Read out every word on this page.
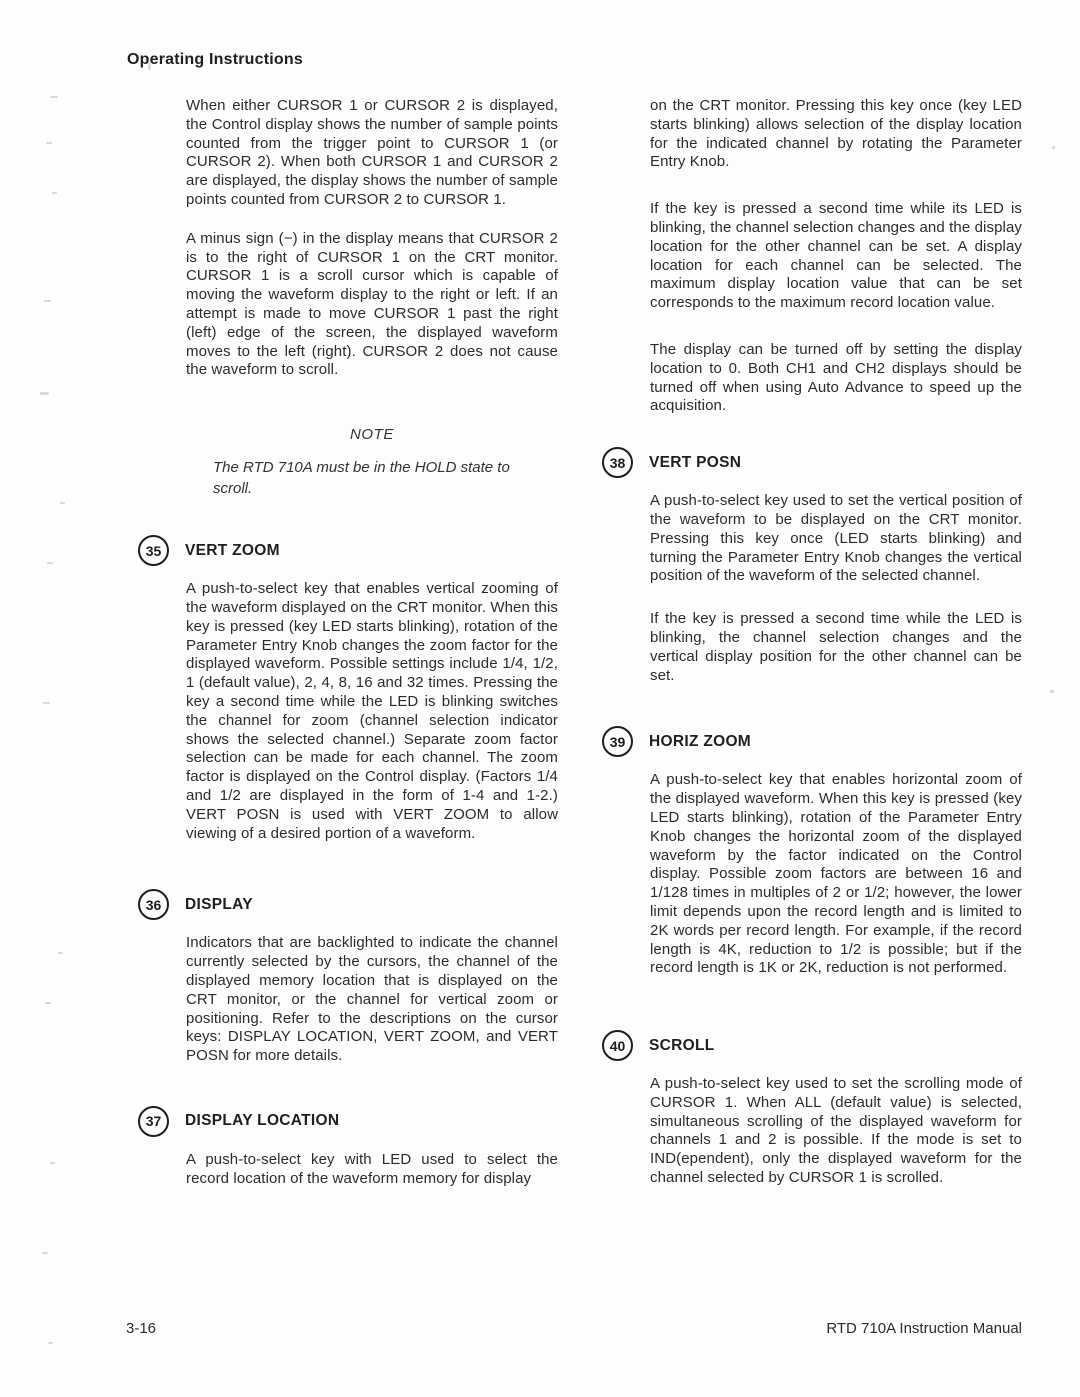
Operating Instructions

When either CURSOR 1 or CURSOR 2 is displayed, the Control display shows the number of sample points counted from the trigger point to CURSOR 1 (or CURSOR 2). When both CURSOR 1 and CURSOR 2 are displayed, the display shows the number of sample points counted from CURSOR 2 to CURSOR 1.

A minus sign (−) in the display means that CURSOR 2 is to the right of CURSOR 1 on the CRT monitor. CURSOR 1 is a scroll cursor which is capable of moving the waveform display to the right or left. If an attempt is made to move CURSOR 1 past the right (left) edge of the screen, the displayed waveform moves to the left (right). CURSOR 2 does not cause the waveform to scroll.

NOTE

The RTD 710A must be in the HOLD state to scroll.

35	VERT ZOOM

A push-to-select key that enables vertical zooming of the waveform displayed on the CRT monitor. When this key is pressed (key LED starts blinking), rotation of the Parameter Entry Knob changes the zoom factor for the displayed waveform. Possible settings include 1/4, 1/2, 1 (default value), 2, 4, 8, 16 and 32 times. Pressing the key a second time while the LED is blinking switches the channel for zoom (channel selection indicator shows the selected channel.) Separate zoom factor selection can be made for each channel. The zoom factor is displayed on the Control display. (Factors 1/4 and 1/2 are displayed in the form of 1-4 and 1-2.) VERT POSN is used with VERT ZOOM to allow viewing of a desired portion of a waveform.

36	DISPLAY

Indicators that are backlighted to indicate the channel currently selected by the cursors, the channel of the displayed memory location that is displayed on the CRT monitor, or the channel for vertical zoom or positioning. Refer to the descriptions on the cursor keys: DISPLAY LOCATION, VERT ZOOM, and VERT POSN for more details.

37	DISPLAY LOCATION

A push-to-select key with LED used to select the record location of the waveform memory for display

on the CRT monitor. Pressing this key once (key LED starts blinking) allows selection of the display location for the indicated channel by rotating the Parameter Entry Knob.

If the key is pressed a second time while its LED is blinking, the channel selection changes and the display location for the other channel can be set. A display location for each channel can be selected. The maximum display location value that can be set corresponds to the maximum record location value.

The display can be turned off by setting the display location to 0. Both CH1 and CH2 displays should be turned off when using Auto Advance to speed up the acquisition.

38	VERT POSN

A push-to-select key used to set the vertical position of the waveform to be displayed on the CRT monitor. Pressing this key once (LED starts blinking) and turning the Parameter Entry Knob changes the vertical position of the waveform of the selected channel.

If the key is pressed a second time while the LED is blinking, the channel selection changes and the vertical display position for the other channel can be set.

39	HORIZ ZOOM

A push-to-select key that enables horizontal zoom of the displayed waveform. When this key is pressed (key LED starts blinking), rotation of the Parameter Entry Knob changes the horizontal zoom of the displayed waveform by the factor indicated on the Control display. Possible zoom factors are between 16 and 1/128 times in multiples of 2 or 1/2; however, the lower limit depends upon the record length and is limited to 2K words per record length. For example, if the record length is 4K, reduction to 1/2 is possible; but if the record length is 1K or 2K, reduction is not performed.

40	SCROLL

A push-to-select key used to set the scrolling mode of CURSOR 1. When ALL (default value) is selected, simultaneous scrolling of the displayed waveform for channels 1 and 2 is possible. If the mode is set to IND(ependent), only the displayed waveform for the channel selected by CURSOR 1 is scrolled.

3-16	RTD 710A Instruction Manual
